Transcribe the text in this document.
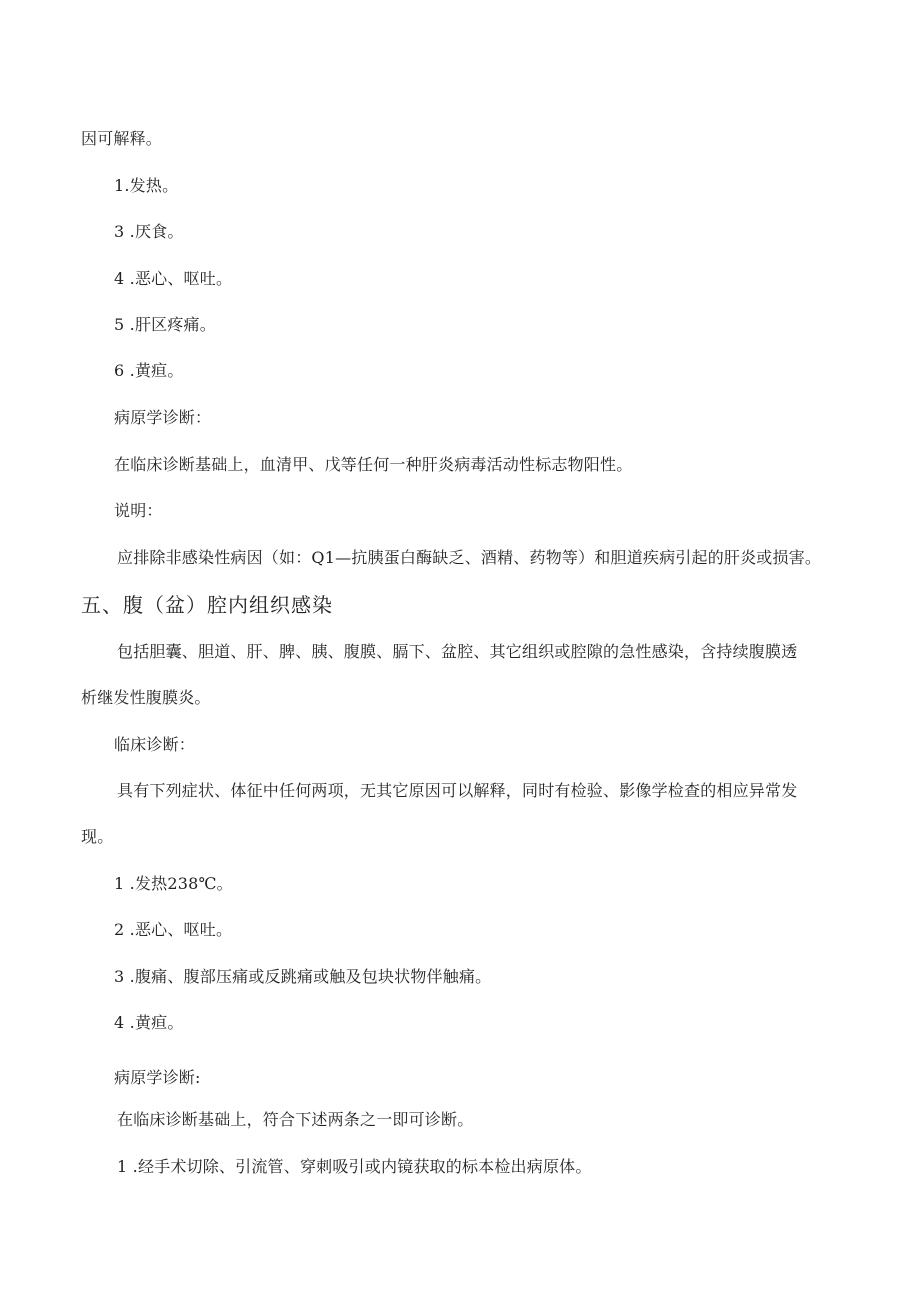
因可解释。
1.发热。
3 .厌食。
4 .恶心、呕吐。
5 .肝区疼痛。
6 .黄疸。
病原学诊断：
在临床诊断基础上，血清甲、戊等任何一种肝炎病毒活动性标志物阳性。
说明：
应排除非感染性病因（如：Q1—抗胰蛋白酶缺乏、酒精、药物等）和胆道疾病引起的肝炎或损害。
五、腹（盆）腔内组织感染
包括胆囊、胆道、肝、脾、胰、腹膜、膈下、盆腔、其它组织或腔隙的急性感染，含持续腹膜透
析继发性腹膜炎。
临床诊断：
具有下列症状、体征中任何两项，无其它原因可以解释，同时有检验、影像学检查的相应异常发
现。
1 .发热238℃。
2 .恶心、呕吐。
3 .腹痛、腹部压痛或反跳痛或触及包块状物伴触痛。
4 .黄疸。
病原学诊断:
在临床诊断基础上，符合下述两条之一即可诊断。
1 .经手术切除、引流管、穿刺吸引或内镜获取的标本检出病原体。
